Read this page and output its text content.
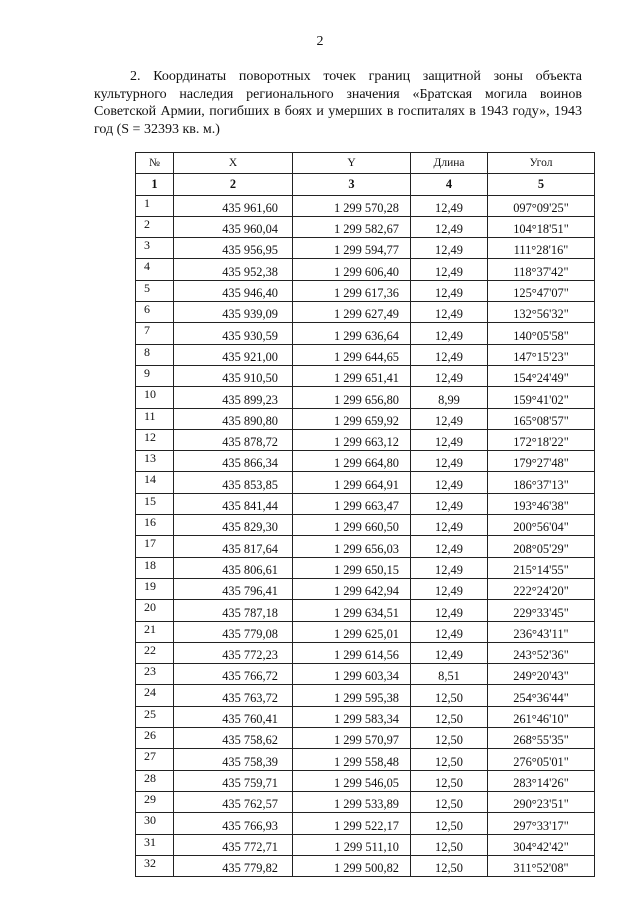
2

2. Координаты поворотных точек границ защитной зоны объекта культурного наследия регионального значения «Братская могила воинов Советской Армии, погибших в боях и умерших в госпиталях в 1943 году», 1943 год (S = 32393 кв. м.)

№	X	Y	Длина	Угол
1	2	3	4	5
1	435 961,60	1 299 570,28	12,49	097°09'25"
2	435 960,04	1 299 582,67	12,49	104°18'51"
3	435 956,95	1 299 594,77	12,49	111°28'16"
4	435 952,38	1 299 606,40	12,49	118°37'42"
5	435 946,40	1 299 617,36	12,49	125°47'07"
6	435 939,09	1 299 627,49	12,49	132°56'32"
7	435 930,59	1 299 636,64	12,49	140°05'58"
8	435 921,00	1 299 644,65	12,49	147°15'23"
9	435 910,50	1 299 651,41	12,49	154°24'49"
10	435 899,23	1 299 656,80	8,99	159°41'02"
11	435 890,80	1 299 659,92	12,49	165°08'57"
12	435 878,72	1 299 663,12	12,49	172°18'22"
13	435 866,34	1 299 664,80	12,49	179°27'48"
14	435 853,85	1 299 664,91	12,49	186°37'13"
15	435 841,44	1 299 663,47	12,49	193°46'38"
16	435 829,30	1 299 660,50	12,49	200°56'04"
17	435 817,64	1 299 656,03	12,49	208°05'29"
18	435 806,61	1 299 650,15	12,49	215°14'55"
19	435 796,41	1 299 642,94	12,49	222°24'20"
20	435 787,18	1 299 634,51	12,49	229°33'45"
21	435 779,08	1 299 625,01	12,49	236°43'11"
22	435 772,23	1 299 614,56	12,49	243°52'36"
23	435 766,72	1 299 603,34	8,51	249°20'43"
24	435 763,72	1 299 595,38	12,50	254°36'44"
25	435 760,41	1 299 583,34	12,50	261°46'10"
26	435 758,62	1 299 570,97	12,50	268°55'35"
27	435 758,39	1 299 558,48	12,50	276°05'01"
28	435 759,71	1 299 546,05	12,50	283°14'26"
29	435 762,57	1 299 533,89	12,50	290°23'51"
30	435 766,93	1 299 522,17	12,50	297°33'17"
31	435 772,71	1 299 511,10	12,50	304°42'42"
32	435 779,82	1 299 500,82	12,50	311°52'08"
